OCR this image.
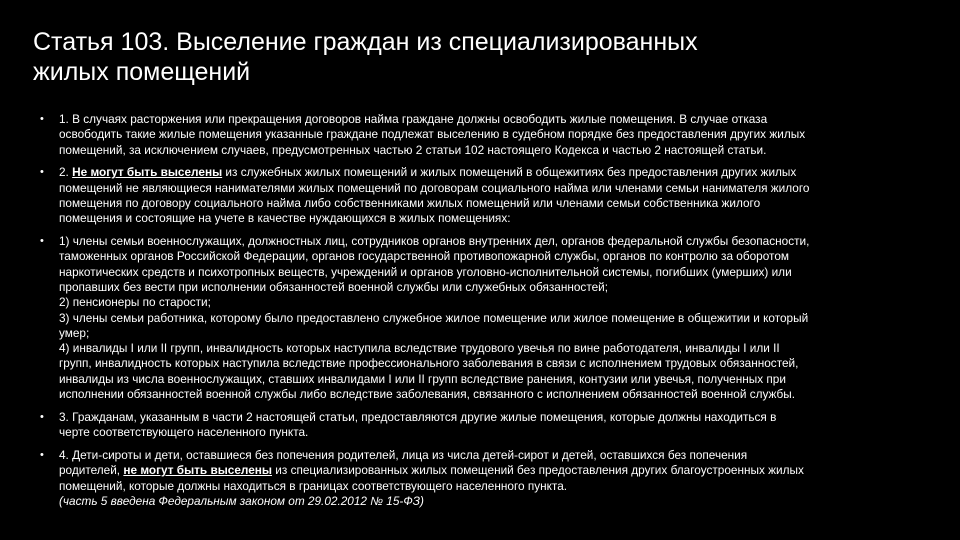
Статья 103. Выселение граждан из специализированных
жилых помещений
•	1. В случаях расторжения или прекращения договоров найма граждане должны освободить жилые помещения. В случае отказа
освободить такие жилые помещения указанные граждане подлежат выселению в судебном порядке без предоставления других жилых
помещений, за исключением случаев, предусмотренных частью 2 статьи 102 настоящего Кодекса и частью 2 настоящей статьи.
•	2. Не могут быть выселены из служебных жилых помещений и жилых помещений в общежитиях без предоставления других жилых
помещений не являющиеся нанимателями жилых помещений по договорам социального найма или членами семьи нанимателя жилого
помещения по договору социального найма либо собственниками жилых помещений или членами семьи собственника жилого
помещения и состоящие на учете в качестве нуждающихся в жилых помещениях:
•	1) члены семьи военнослужащих, должностных лиц, сотрудников органов внутренних дел, органов федеральной службы безопасности,
таможенных органов Российской Федерации, органов государственной противопожарной службы, органов по контролю за оборотом
наркотических средств и психотропных веществ, учреждений и органов уголовно-исполнительной системы, погибших (умерших) или
пропавших без вести при исполнении обязанностей военной службы или служебных обязанностей;
2) пенсионеры по старости;
3) члены семьи работника, которому было предоставлено служебное жилое помещение или жилое помещение в общежитии и который
умер;
4) инвалиды I или II групп, инвалидность которых наступила вследствие трудового увечья по вине работодателя, инвалиды I или II
групп, инвалидность которых наступила вследствие профессионального заболевания в связи с исполнением трудовых обязанностей,
инвалиды из числа военнослужащих, ставших инвалидами I или II групп вследствие ранения, контузии или увечья, полученных при
исполнении обязанностей военной службы либо вследствие заболевания, связанного с исполнением обязанностей военной службы.
•	3. Гражданам, указанным в части 2 настоящей статьи, предоставляются другие жилые помещения, которые должны находиться в
черте соответствующего населенного пункта.
•	4. Дети-сироты и дети, оставшиеся без попечения родителей, лица из числа детей-сирот и детей, оставшихся без попечения
родителей, не могут быть выселены из специализированных жилых помещений без предоставления других благоустроенных жилых
помещений, которые должны находиться в границах соответствующего населенного пункта.
(часть 5 введена Федеральным законом от 29.02.2012 № 15-ФЗ)
